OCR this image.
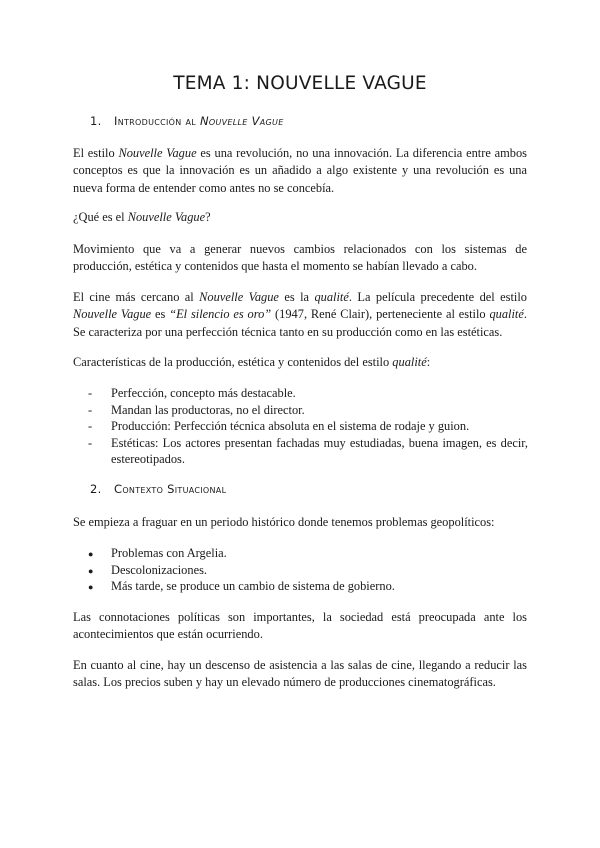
TEMA 1: NOUVELLE VAGUE
1. Introducción al Nouvelle Vague
El estilo Nouvelle Vague es una revolución, no una innovación. La diferencia entre ambos conceptos es que la innovación es un añadido a algo existente y una revolución es una nueva forma de entender como antes no se concebía.
¿Qué es el Nouvelle Vague?
Movimiento que va a generar nuevos cambios relacionados con los sistemas de producción, estética y contenidos que hasta el momento se habían llevado a cabo.
El cine más cercano al Nouvelle Vague es la qualité. La película precedente del estilo Nouvelle Vague es “El silencio es oro” (1947, René Clair), perteneciente al estilo qualité. Se caracteriza por una perfección técnica tanto en su producción como en las estéticas.
Características de la producción, estética y contenidos del estilo qualité:
- Perfección, concepto más destacable.
- Mandan las productoras, no el director.
- Producción: Perfección técnica absoluta en el sistema de rodaje y guion.
- Estéticas: Los actores presentan fachadas muy estudiadas, buena imagen, es decir, estereotipados.
2. Contexto Situacional
Se empieza a fraguar en un periodo histórico donde tenemos problemas geopolíticos:
● Problemas con Argelia.
● Descolonizaciones.
● Más tarde, se produce un cambio de sistema de gobierno.
Las connotaciones políticas son importantes, la sociedad está preocupada ante los acontecimientos que están ocurriendo.
En cuanto al cine, hay un descenso de asistencia a las salas de cine, llegando a reducir las salas. Los precios suben y hay un elevado número de producciones cinematográficas.
